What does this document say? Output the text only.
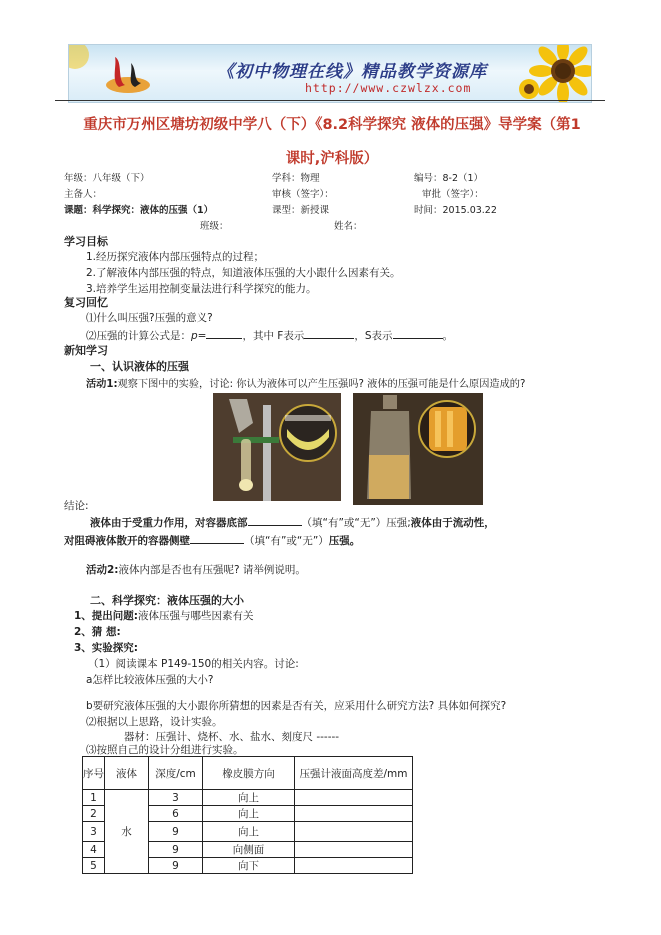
《初中物理在线》精品教学资源库
http://www.czwlzx.com
重庆市万州区塘坊初级中学八（下）《8.2科学探究 液体的压强》导学案（第1
课时,沪科版）
年级：八年级（下）	学科：物理	编号：8-2（1）
主备人：	审核（签字）：	审批（签字）：
课题：科学探究：液体的压强（1）	课型：新授课	时间：2015.03.22
班级：	姓名：
学习目标
1.经历探究液体内部压强特点的过程；
2.了解液体内部压强的特点，知道液体压强的大小跟什么因素有关。
3.培养学生运用控制变量法进行科学探究的能力。
复习回忆
⑴什么叫压强?压强的意义?
⑵压强的计算公式是：p=	，其中 F表示	，S表示	。
新知学习
一、认识液体的压强
活动1:观察下图中的实验，讨论: 你认为液体可以产生压强吗? 液体的压强可能是什么原因造成的?
结论:
液体由于受重力作用，对容器底部	（填“有”或“无”）压强;液体由于流动性，
对阻碍液体散开的容器侧壁	（填“有”或“无”）压强。
活动2:液体内部是否也有压强呢? 请举例说明。
二、科学探究：液体压强的大小
1、提出问题:液体压强与哪些因素有关
2、猜 想:
3、实验探究:
（1）阅读课本 P149-150的相关内容。讨论:
a怎样比较液体压强的大小?
b要研究液体压强的大小跟你所猜想的因素是否有关，应采用什么研究方法? 具体如何探究?
⑵根据以上思路，设计实验。
器材：压强计、烧杯、水、盐水、刻度尺 ------
⑶按照自己的设计分组进行实验。
序号	液体	深度/cm	橡皮膜方向	压强计液面高度差/mm
1	水	3	向上	
2		6	向上	
3		9	向上	
4		9	向侧面	
5		9	向下	
